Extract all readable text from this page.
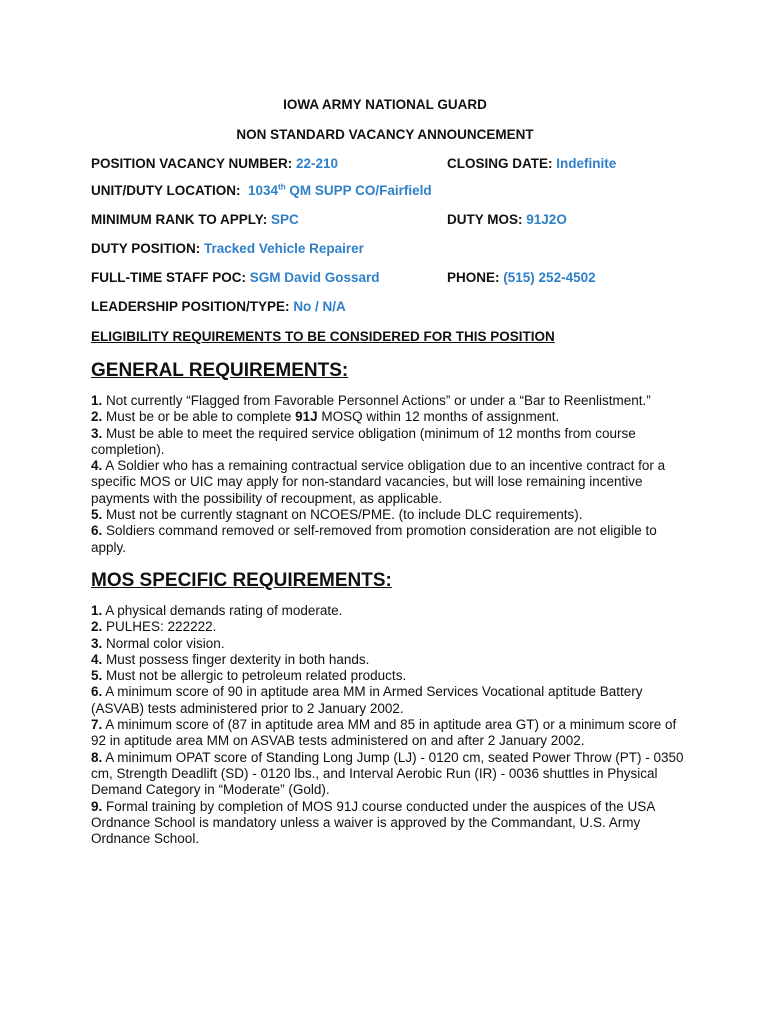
IOWA ARMY NATIONAL GUARD
NON STANDARD VACANCY ANNOUNCEMENT
POSITION VACANCY NUMBER: 22-210	CLOSING DATE: Indefinite
UNIT/DUTY LOCATION: 1034th QM SUPP CO/Fairfield
MINIMUM RANK TO APPLY: SPC	DUTY MOS: 91J2O
DUTY POSITION: Tracked Vehicle Repairer
FULL-TIME STAFF POC: SGM David Gossard	PHONE: (515) 252-4502
LEADERSHIP POSITION/TYPE: No / N/A
ELIGIBILITY REQUIREMENTS TO BE CONSIDERED FOR THIS POSITION
GENERAL REQUIREMENTS:
1. Not currently “Flagged from Favorable Personnel Actions” or under a “Bar to Reenlistment.”
2. Must be or be able to complete 91J MOSQ within 12 months of assignment.
3. Must be able to meet the required service obligation (minimum of 12 months from course completion).
4. A Soldier who has a remaining contractual service obligation due to an incentive contract for a specific MOS or UIC may apply for non-standard vacancies, but will lose remaining incentive payments with the possibility of recoupment, as applicable.
5. Must not be currently stagnant on NCOES/PME. (to include DLC requirements).
6. Soldiers command removed or self-removed from promotion consideration are not eligible to apply.
MOS SPECIFIC REQUIREMENTS:
1. A physical demands rating of moderate.
2. PULHES: 222222.
3. Normal color vision.
4. Must possess finger dexterity in both hands.
5. Must not be allergic to petroleum related products.
6. A minimum score of 90 in aptitude area MM in Armed Services Vocational aptitude Battery (ASVAB) tests administered prior to 2 January 2002.
7. A minimum score of (87 in aptitude area MM and 85 in aptitude area GT) or a minimum score of 92 in aptitude area MM on ASVAB tests administered on and after 2 January 2002.
8. A minimum OPAT score of Standing Long Jump (LJ) - 0120 cm, seated Power Throw (PT) - 0350 cm, Strength Deadlift (SD) - 0120 lbs., and Interval Aerobic Run (IR) - 0036 shuttles in Physical Demand Category in “Moderate” (Gold).
9. Formal training by completion of MOS 91J course conducted under the auspices of the USA Ordnance School is mandatory unless a waiver is approved by the Commandant, U.S. Army Ordnance School.
